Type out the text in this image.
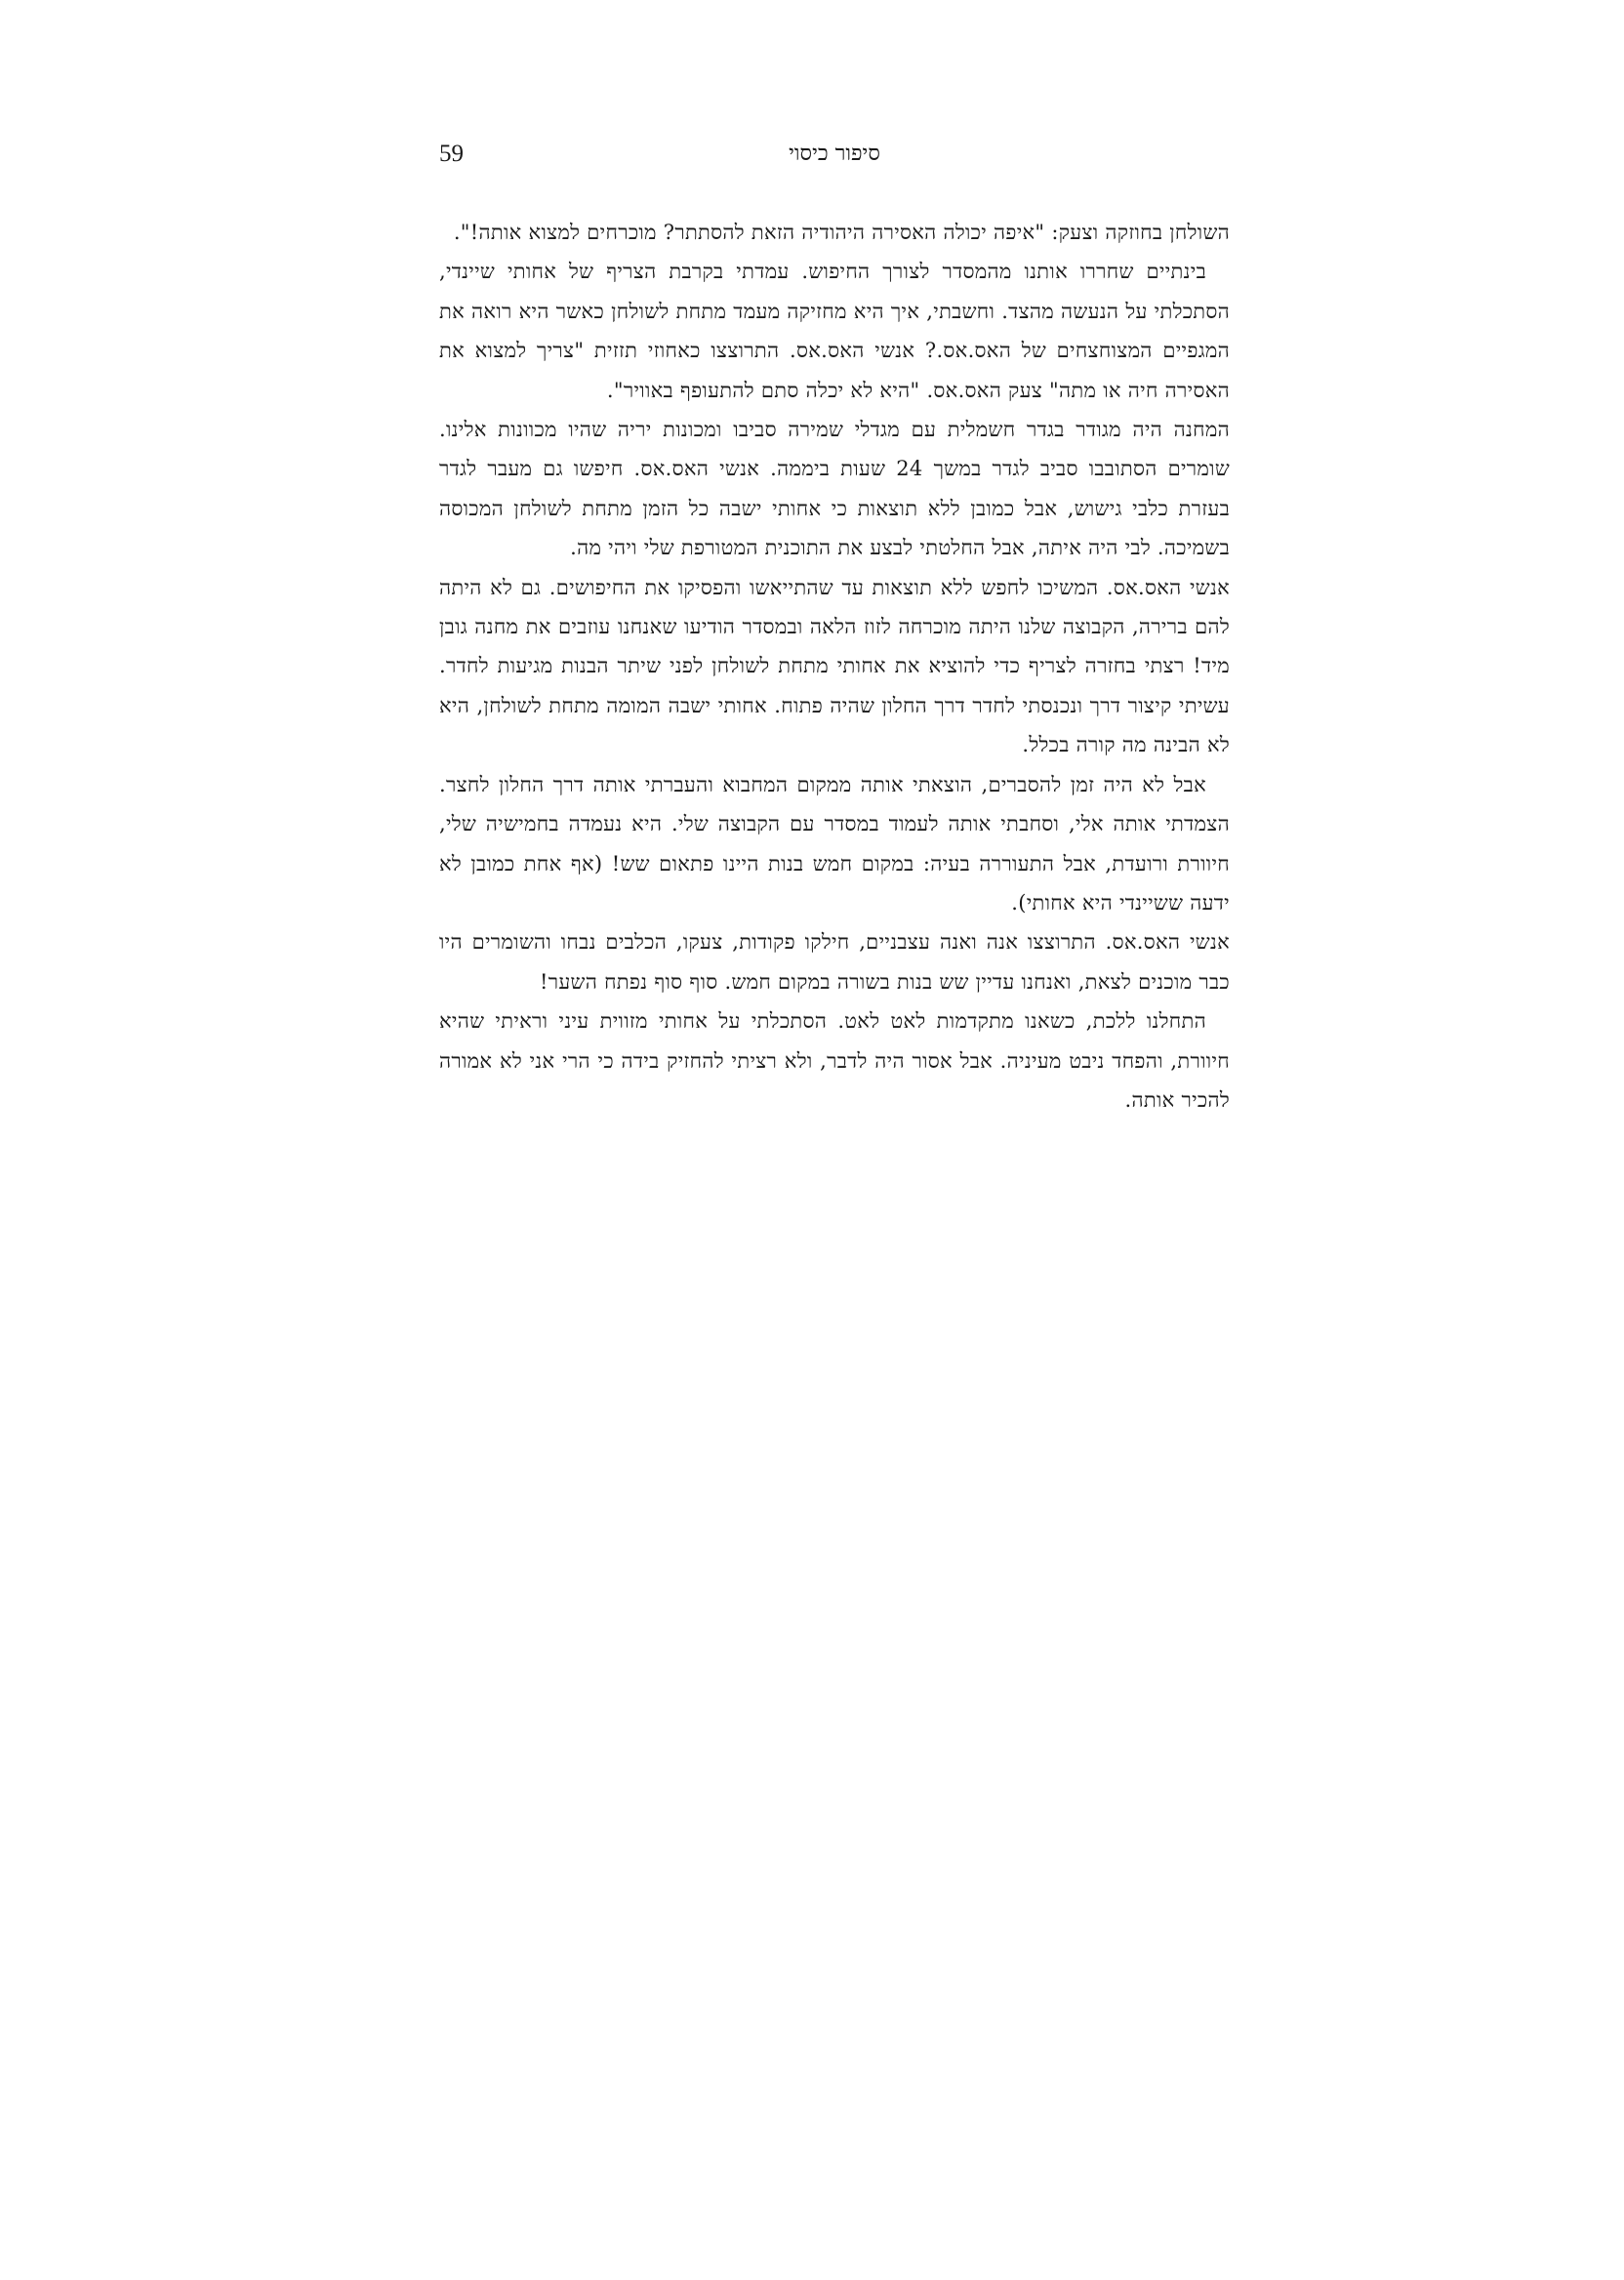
59	סיפור כיסוי

השולחן בחוזקה וצעק: "איפה יכולה האסירה היהודיה הזאת להסתתר? מוכרחים למצוא אותה!".

בינתיים שחררו אותנו מהמסדר לצורך החיפוש. עמדתי בקרבת הצריף של אחותי שיינדי, הסתכלתי על הנעשה מהצד. וחשבתי, איך היא מחזיקה מעמד מתחת לשולחן כאשר היא רואה את המגפיים המצוחצחים של האס.אס.? אנשי האס.אס. התרוצצו כאחוזי תזזית "צריך למצוא את האסירה חיה או מתה" צעק האס.אס. "היא לא יכלה סתם להתעופף באוויר".

המחנה היה מגודר בגדר חשמלית עם מגדלי שמירה סביבו ומכונות יריה שהיו מכוונות אלינו. שומרים הסתובבו סביב לגדר במשך 24 שעות ביממה. אנשי האס.אס. חיפשו גם מעבר לגדר בעזרת כלבי גישוש, אבל כמובן ללא תוצאות כי אחותי ישבה כל הזמן מתחת לשולחן המכוסה בשמיכה. לבי היה איתה, אבל החלטתי לבצע את התוכנית המטורפת שלי ויהי מה.

אנשי האס.אס. המשיכו לחפש ללא תוצאות עד שהתייאשו והפסיקו את החיפושים. גם לא היתה להם ברירה, הקבוצה שלנו היתה מוכרחה לזוז הלאה ובמסדר הודיעו שאנחנו עוזבים את מחנה גובן מיד! רצתי בחזרה לצריף כדי להוציא את אחותי מתחת לשולחן לפני שיתר הבנות מגיעות לחדר. עשיתי קיצור דרך ונכנסתי לחדר דרך החלון שהיה פתוח. אחותי ישבה המומה מתחת לשולחן, היא לא הבינה מה קורה בכלל.

אבל לא היה זמן להסברים, הוצאתי אותה ממקום המחבוא והעברתי אותה דרך החלון לחצר. הצמדתי אותה אלי, וסחבתי אותה לעמוד במסדר עם הקבוצה שלי. היא נעמדה בחמישיה שלי, חיוורת ורועדת, אבל התעוררה בעיה: במקום חמש בנות היינו פתאום שש! (אף אחת כמובן לא ידעה ששיינדי היא אחותי).

אנשי האס.אס. התרוצצו אנה ואנה עצבניים, חילקו פקודות, צעקו, הכלבים נבחו והשומרים היו כבר מוכנים לצאת, ואנחנו עדיין שש בנות בשורה במקום חמש. סוף סוף נפתח השער!

התחלנו ללכת, כשאנו מתקדמות לאט לאט. הסתכלתי על אחותי מזווית עיני וראיתי שהיא חיוורת, והפחד ניבט מעיניה. אבל אסור היה לדבר, ולא רציתי להחזיק בידה כי הרי אני לא אמורה להכיר אותה.
